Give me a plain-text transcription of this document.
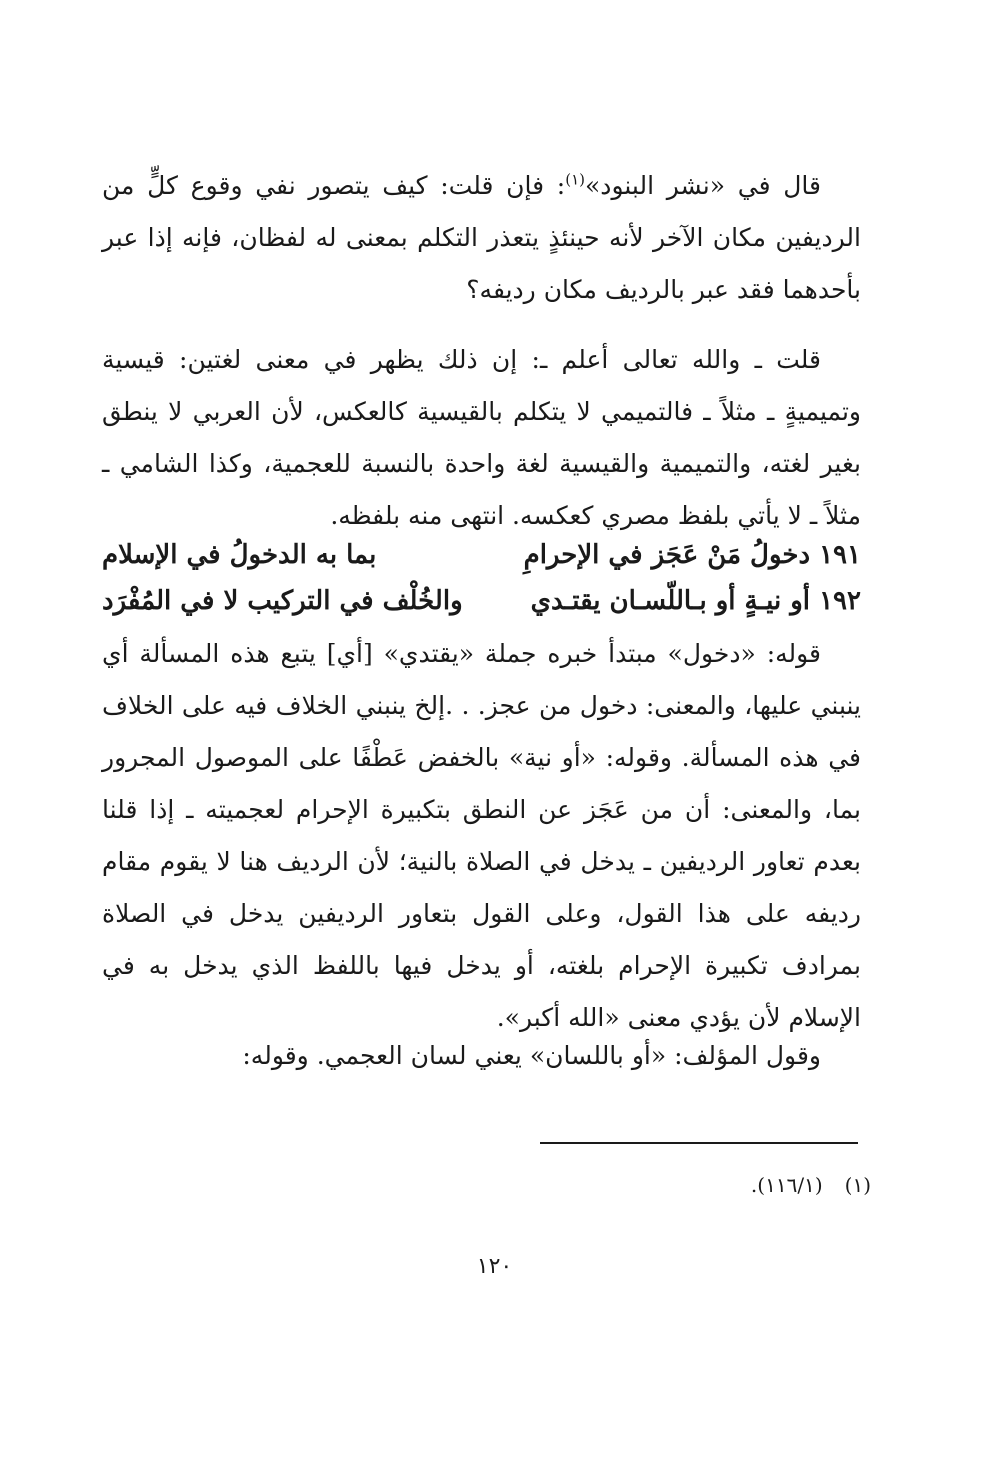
قال في «نشر البنود»$^{(١)}$: فإن قلت: كيف يتصور نفي وقوع كلٍّ من الرديفين مكان الآخر لأنه حينئذٍ يتعذر التكلم بمعنى له لفظان، فإنه إذا عبر بأحدهما فقد عبر بالرديف مكان رديفه؟
قلت ـ والله تعالى أعلم ـ: إن ذلك يظهر في معنى لغتين: قيسية وتميميةٍ ـ مثلاً ـ فالتميمي لا يتكلم بالقيسية كالعكس، لأن العربي لا ينطق بغير لغته، والتميمية والقيسية لغة واحدة بالنسبة للعجمية، وكذا الشامي ـ مثلاً ـ لا يأتي بلفظ مصري كعكسه. انتهى منه بلفظه.
١٩١ دخولُ مَنْ عَجَز في الإحرامِ
بما به الدخولُ في الإسلام
١٩٢ أو نيـةٍ أو بـاللّسـان يقتـدي
والخُلْف في التركيب لا في المُفْرَد
قوله: «دخول» مبتدأ خبره جملة «يقتدي» [أي] يتبع هذه المسألة أي ينبني عليها، والمعنى: دخول من عجز. . .إلخ ينبني الخلاف فيه على الخلاف في هذه المسألة. وقوله: «أو نية» بالخفض عَطْفًا على الموصول المجرور بما، والمعنى: أن من عَجَز عن النطق بتكبيرة الإحرام لعجميته ـ إذا قلنا بعدم تعاور الرديفين ـ يدخل في الصلاة بالنية؛ لأن الرديف هنا لا يقوم مقام رديفه على هذا القول، وعلى القول بتعاور الرديفين يدخل في الصلاة بمرادف تكبيرة الإحرام بلغته، أو يدخل فيها باللفظ الذي يدخل به في الإسلام لأن يؤدي معنى «الله أكبر».
وقول المؤلف: «أو باللسان» يعني لسان العجمي. وقوله:
(١)(١١٦/١).
١٢٠
